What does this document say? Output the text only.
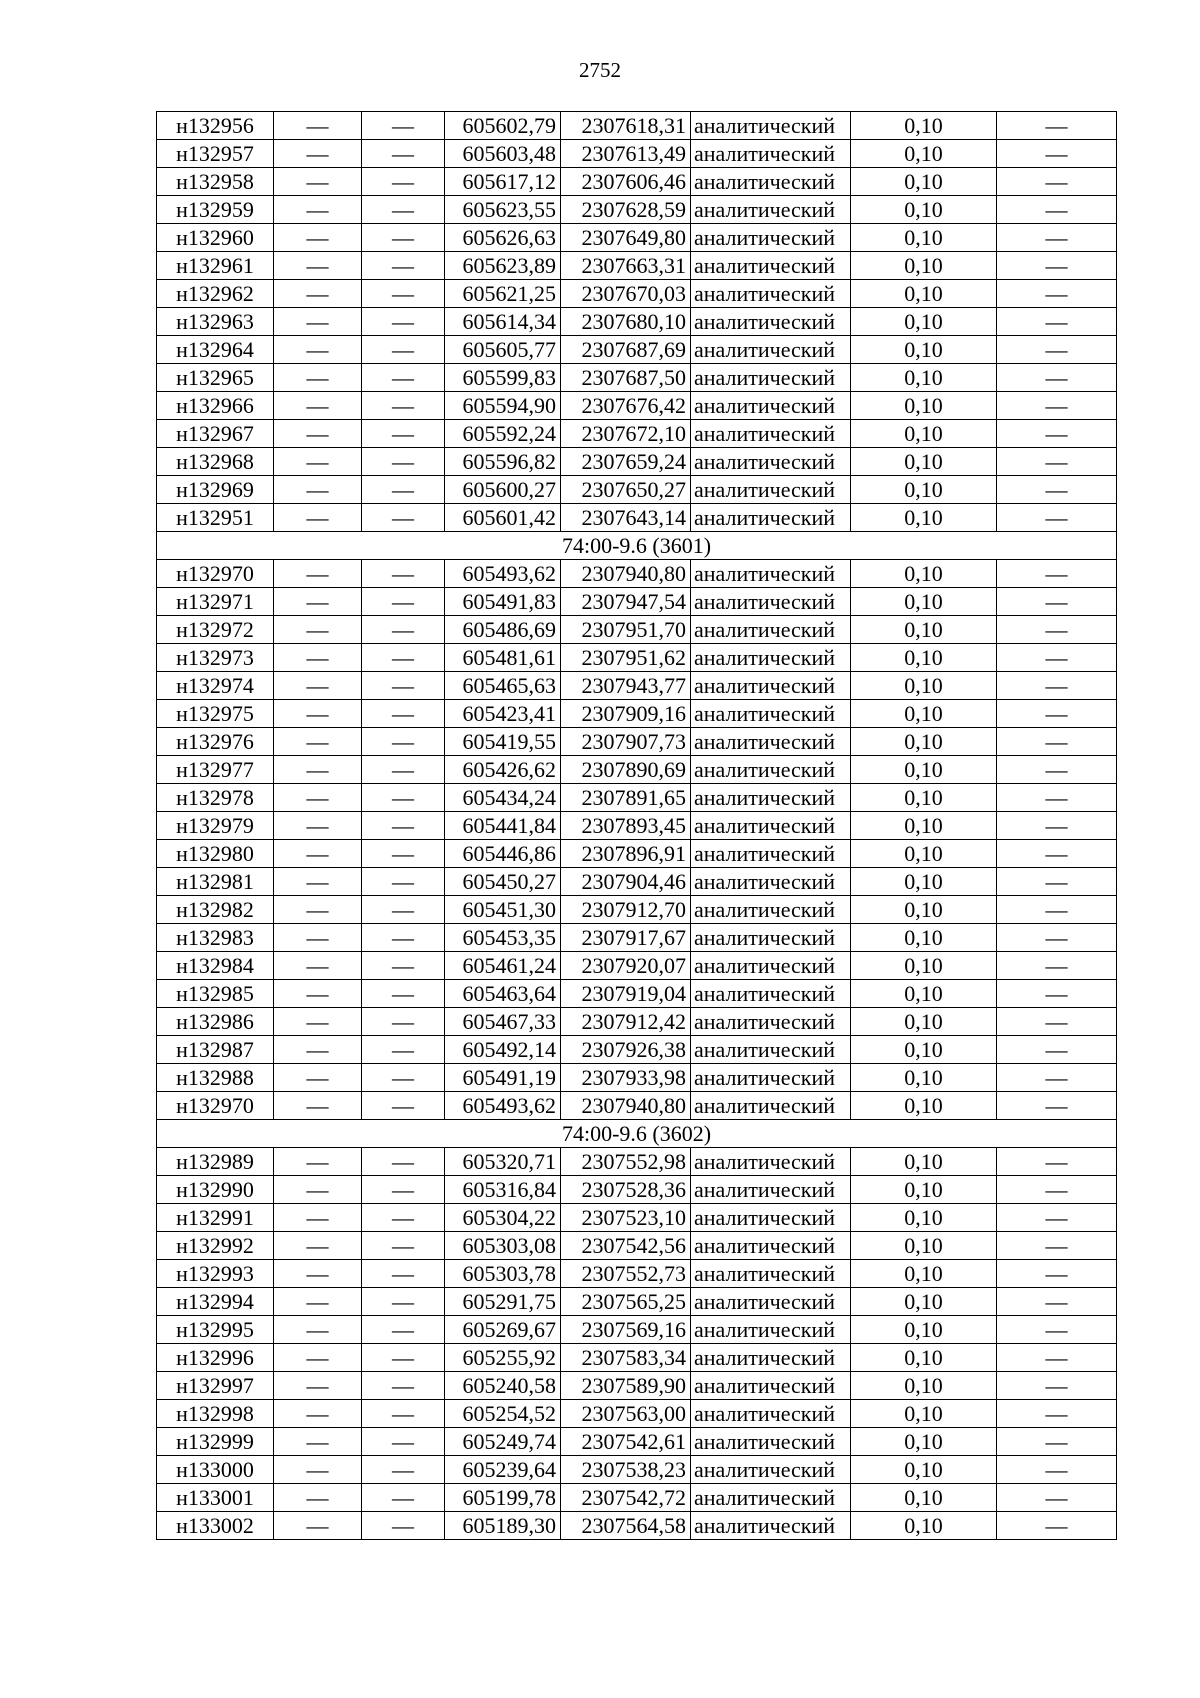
2752
н132956	—	—	605602,79	2307618,31	аналитический	0,10	—
н132957	—	—	605603,48	2307613,49	аналитический	0,10	—
н132958	—	—	605617,12	2307606,46	аналитический	0,10	—
н132959	—	—	605623,55	2307628,59	аналитический	0,10	—
н132960	—	—	605626,63	2307649,80	аналитический	0,10	—
н132961	—	—	605623,89	2307663,31	аналитический	0,10	—
н132962	—	—	605621,25	2307670,03	аналитический	0,10	—
н132963	—	—	605614,34	2307680,10	аналитический	0,10	—
н132964	—	—	605605,77	2307687,69	аналитический	0,10	—
н132965	—	—	605599,83	2307687,50	аналитический	0,10	—
н132966	—	—	605594,90	2307676,42	аналитический	0,10	—
н132967	—	—	605592,24	2307672,10	аналитический	0,10	—
н132968	—	—	605596,82	2307659,24	аналитический	0,10	—
н132969	—	—	605600,27	2307650,27	аналитический	0,10	—
н132951	—	—	605601,42	2307643,14	аналитический	0,10	—
74:00-9.6 (3601)							
н132970	—	—	605493,62	2307940,80	аналитический	0,10	—
н132971	—	—	605491,83	2307947,54	аналитический	0,10	—
н132972	—	—	605486,69	2307951,70	аналитический	0,10	—
н132973	—	—	605481,61	2307951,62	аналитический	0,10	—
н132974	—	—	605465,63	2307943,77	аналитический	0,10	—
н132975	—	—	605423,41	2307909,16	аналитический	0,10	—
н132976	—	—	605419,55	2307907,73	аналитический	0,10	—
н132977	—	—	605426,62	2307890,69	аналитический	0,10	—
н132978	—	—	605434,24	2307891,65	аналитический	0,10	—
н132979	—	—	605441,84	2307893,45	аналитический	0,10	—
н132980	—	—	605446,86	2307896,91	аналитический	0,10	—
н132981	—	—	605450,27	2307904,46	аналитический	0,10	—
н132982	—	—	605451,30	2307912,70	аналитический	0,10	—
н132983	—	—	605453,35	2307917,67	аналитический	0,10	—
н132984	—	—	605461,24	2307920,07	аналитический	0,10	—
н132985	—	—	605463,64	2307919,04	аналитический	0,10	—
н132986	—	—	605467,33	2307912,42	аналитический	0,10	—
н132987	—	—	605492,14	2307926,38	аналитический	0,10	—
н132988	—	—	605491,19	2307933,98	аналитический	0,10	—
н132970	—	—	605493,62	2307940,80	аналитический	0,10	—
74:00-9.6 (3602)							
н132989	—	—	605320,71	2307552,98	аналитический	0,10	—
н132990	—	—	605316,84	2307528,36	аналитический	0,10	—
н132991	—	—	605304,22	2307523,10	аналитический	0,10	—
н132992	—	—	605303,08	2307542,56	аналитический	0,10	—
н132993	—	—	605303,78	2307552,73	аналитический	0,10	—
н132994	—	—	605291,75	2307565,25	аналитический	0,10	—
н132995	—	—	605269,67	2307569,16	аналитический	0,10	—
н132996	—	—	605255,92	2307583,34	аналитический	0,10	—
н132997	—	—	605240,58	2307589,90	аналитический	0,10	—
н132998	—	—	605254,52	2307563,00	аналитический	0,10	—
н132999	—	—	605249,74	2307542,61	аналитический	0,10	—
н133000	—	—	605239,64	2307538,23	аналитический	0,10	—
н133001	—	—	605199,78	2307542,72	аналитический	0,10	—
н133002	—	—	605189,30	2307564,58	аналитический	0,10	—
